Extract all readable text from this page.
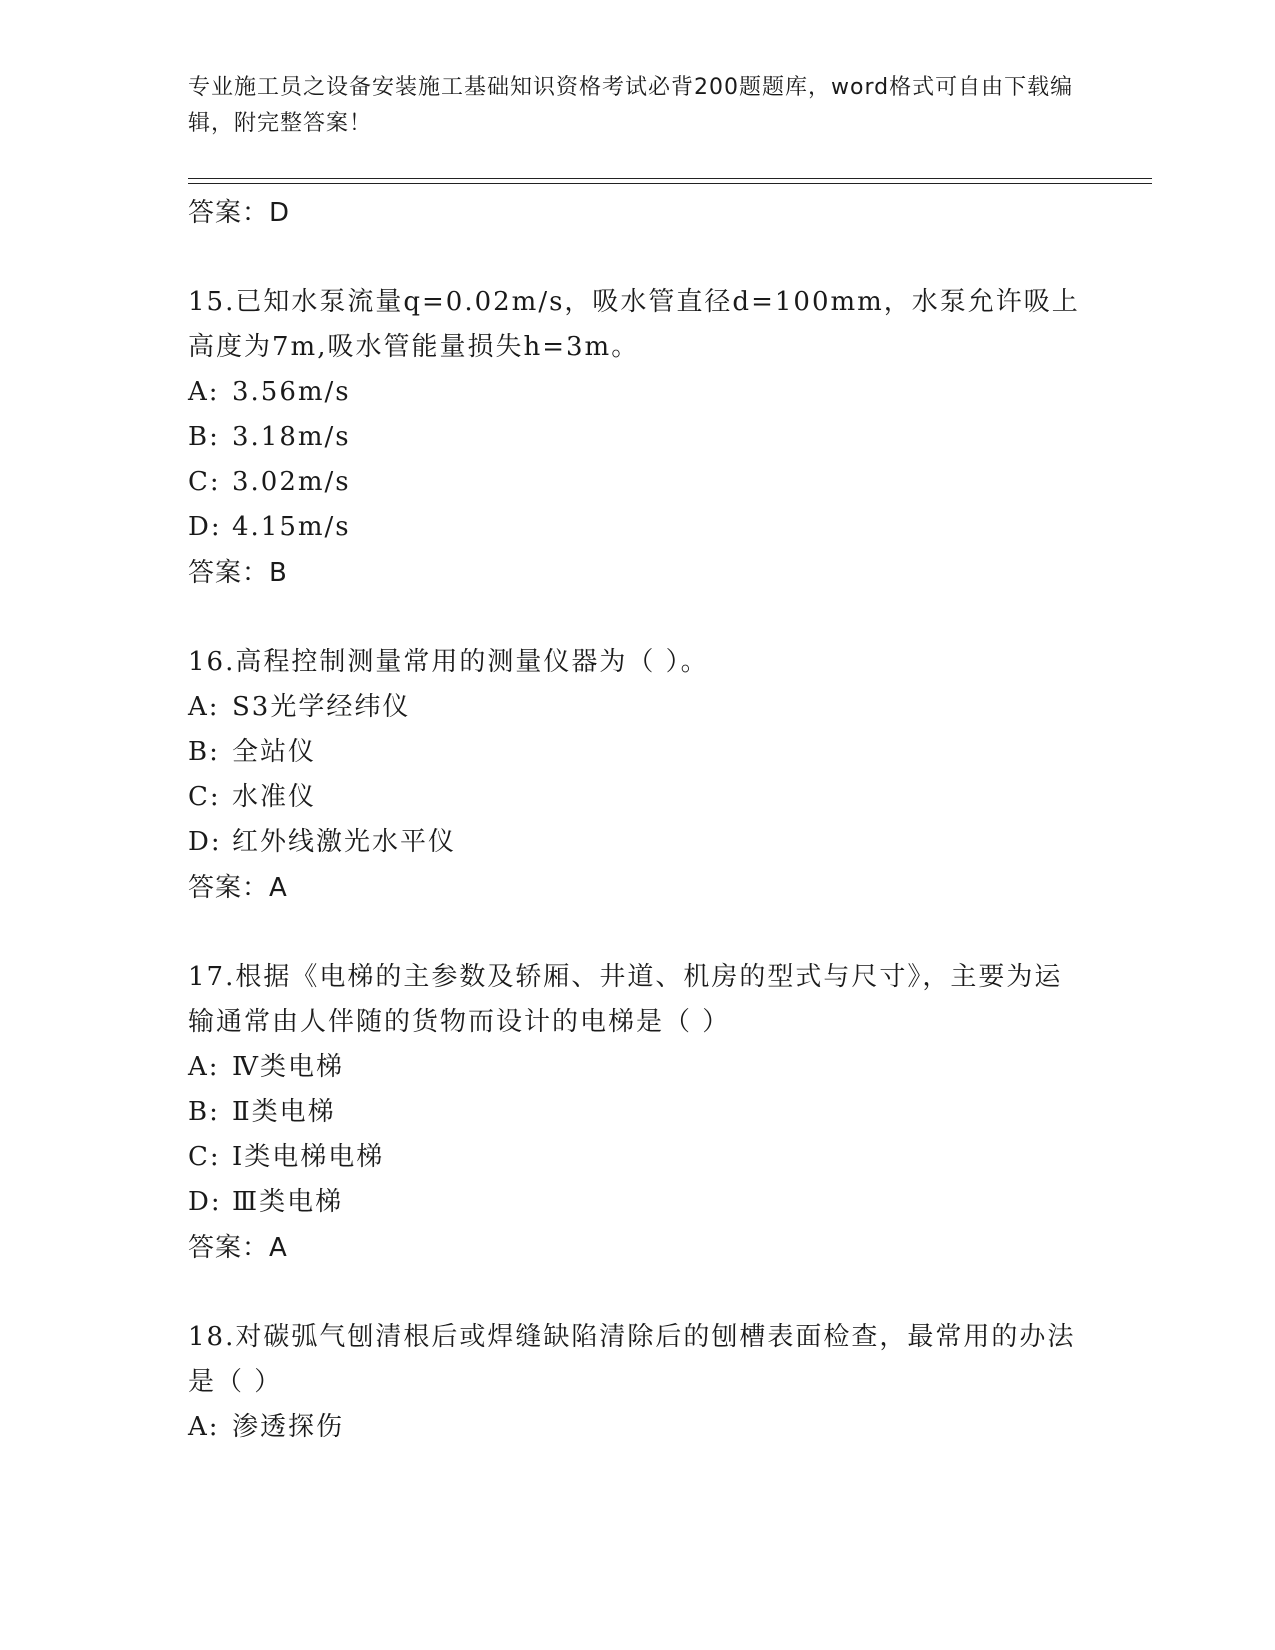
专业施工员之设备安装施工基础知识资格考试必背200题题库，word格式可自由下载编辑，附完整答案！
答案：D
15.已知水泵流量q=0.02m/s，吸水管直径d=100mm，水泵允许吸上高度为7m,吸水管能量损失h=3m。
A: 3.56m/s
B: 3.18m/s
C: 3.02m/s
D: 4.15m/s
答案：B
16.高程控制测量常用的测量仪器为（ ）。
A: S3光学经纬仪
B: 全站仪
C: 水准仪
D: 红外线激光水平仪
答案：A
17.根据《电梯的主参数及轿厢、井道、机房的型式与尺寸》，主要为运输通常由人伴随的货物而设计的电梯是（ ）
A: Ⅳ类电梯
B: Ⅱ类电梯
C: Ⅰ类电梯电梯
D: Ⅲ类电梯
答案：A
18.对碳弧气刨清根后或焊缝缺陷清除后的刨槽表面检查，最常用的办法是（ ）
A: 渗透探伤
